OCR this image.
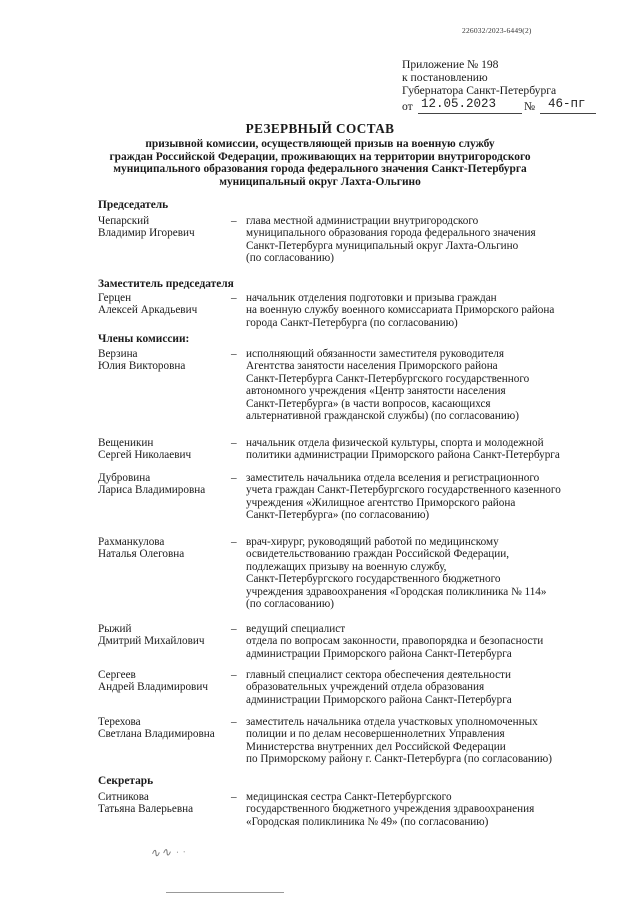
226032/2023-6449(2)
Приложение № 198
к постановлению
Губернатора Санкт-Петербурга
от 12.05.2023 № 46-пг
РЕЗЕРВНЫЙ СОСТАВ
призывной комиссии, осуществляющей призыв на военную службу
граждан Российской Федерации, проживающих на территории внутригородского
муниципального образования города федерального значения Санкт-Петербурга
муниципальный округ Лахта-Ольгино
Председатель
Чепарский
Владимир Игоревич
– глава местной администрации внутригородского
муниципального образования города федерального значения
Санкт-Петербурга муниципальный округ Лахта-Ольгино
(по согласованию)
Заместитель председателя
Герцен
Алексей Аркадьевич
– начальник отделения подготовки и призыва граждан
на военную службу военного комиссариата Приморского района
города Санкт-Петербурга (по согласованию)
Члены комиссии:
Верзина
Юлия Викторовна
– исполняющий обязанности заместителя руководителя
Агентства занятости населения Приморского района
Санкт-Петербурга Санкт-Петербургского государственного
автономного учреждения «Центр занятости населения
Санкт-Петербурга» (в части вопросов, касающихся
альтернативной гражданской службы) (по согласованию)
Вещеникин
Сергей Николаевич
– начальник отдела физической культуры, спорта и молодежной
политики администрации Приморского района Санкт-Петербурга
Дубровина
Лариса Владимировна
– заместитель начальника отдела вселения и регистрационного
учета граждан Санкт-Петербургского государственного казенного
учреждения «Жилищное агентство Приморского района
Санкт-Петербурга» (по согласованию)
Рахманкулова
Наталья Олеговна
– врач-хирург, руководящий работой по медицинскому
освидетельствованию граждан Российской Федерации,
подлежащих призыву на военную службу,
Санкт-Петербургского государственного бюджетного
учреждения здравоохранения «Городская поликлиника № 114»
(по согласованию)
Рыжий
Дмитрий Михайлович
– ведущий специалист
отдела по вопросам законности, правопорядка и безопасности
администрации Приморского района Санкт-Петербурга
Сергеев
Андрей Владимирович
– главный специалист сектора обеспечения деятельности
образовательных учреждений отдела образования
администрации Приморского района Санкт-Петербурга
Терехова
Светлана Владимировна
– заместитель начальника отдела участковых уполномоченных
полиции и по делам несовершеннолетних Управления
Министерства внутренних дел Российской Федерации
по Приморскому району г. Санкт-Петербурга (по согласованию)
Секретарь
Ситникова
Татьяна Валерьевна
– медицинская сестра Санкт-Петербургского
государственного бюджетного учреждения здравоохранения
«Городская поликлиника № 49» (по согласованию)
∿∿ · ·
